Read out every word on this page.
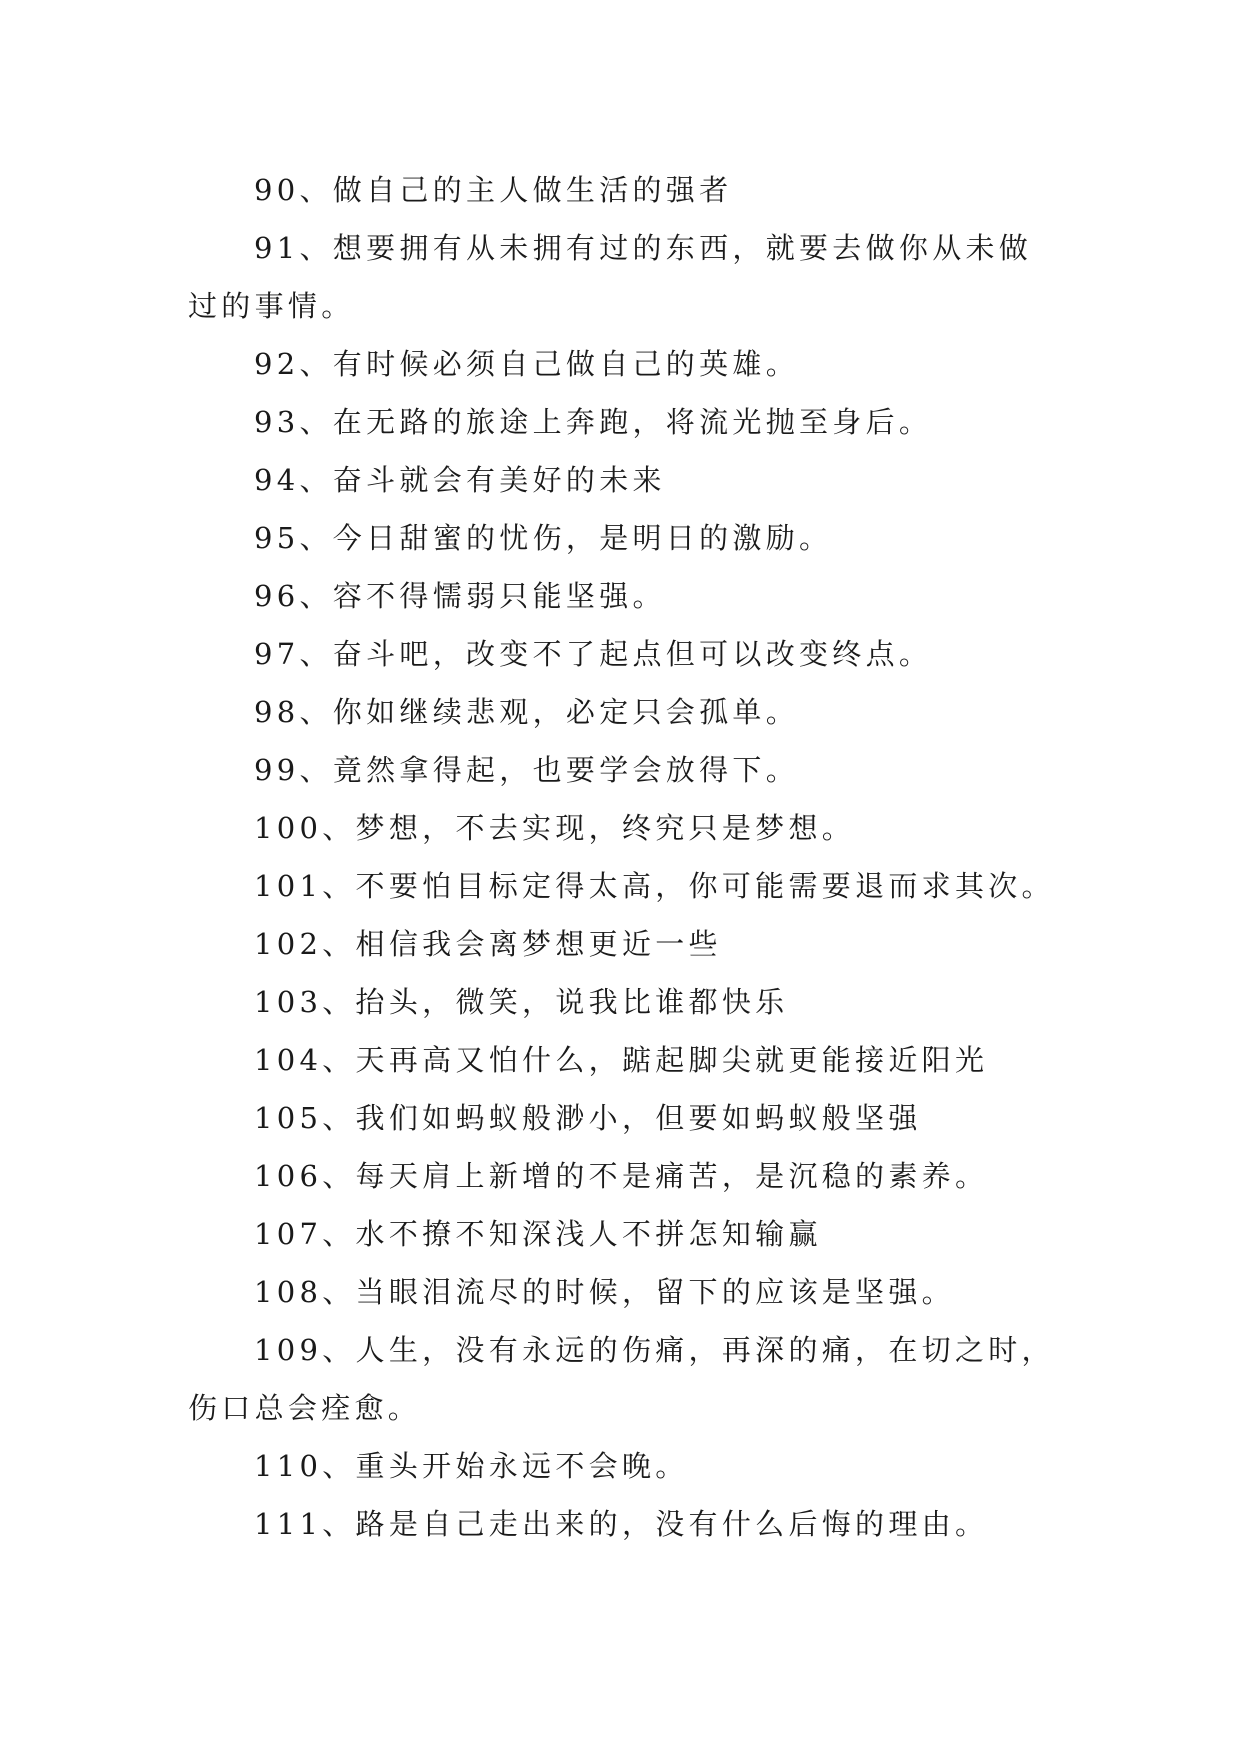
90、做自己的主人做生活的强者

91、想要拥有从未拥有过的东西，就要去做你从未做过的事情。

92、有时候必须自己做自己的英雄。

93、在无路的旅途上奔跑，将流光抛至身后。

94、奋斗就会有美好的未来

95、今日甜蜜的忧伤，是明日的激励。

96、容不得懦弱只能坚强。

97、奋斗吧，改变不了起点但可以改变终点。

98、你如继续悲观，必定只会孤单。

99、竟然拿得起，也要学会放得下。

100、梦想，不去实现，终究只是梦想。

101、不要怕目标定得太高，你可能需要退而求其次。

102、相信我会离梦想更近一些

103、抬头，微笑，说我比谁都快乐

104、天再高又怕什么，踮起脚尖就更能接近阳光

105、我们如蚂蚁般渺小，但要如蚂蚁般坚强

106、每天肩上新增的不是痛苦，是沉稳的素养。

107、水不撩不知深浅人不拼怎知输赢

108、当眼泪流尽的时候，留下的应该是坚强。

109、人生，没有永远的伤痛，再深的痛，在切之时，伤口总会痊愈。

110、重头开始永远不会晚。

111、路是自己走出来的，没有什么后悔的理由。
